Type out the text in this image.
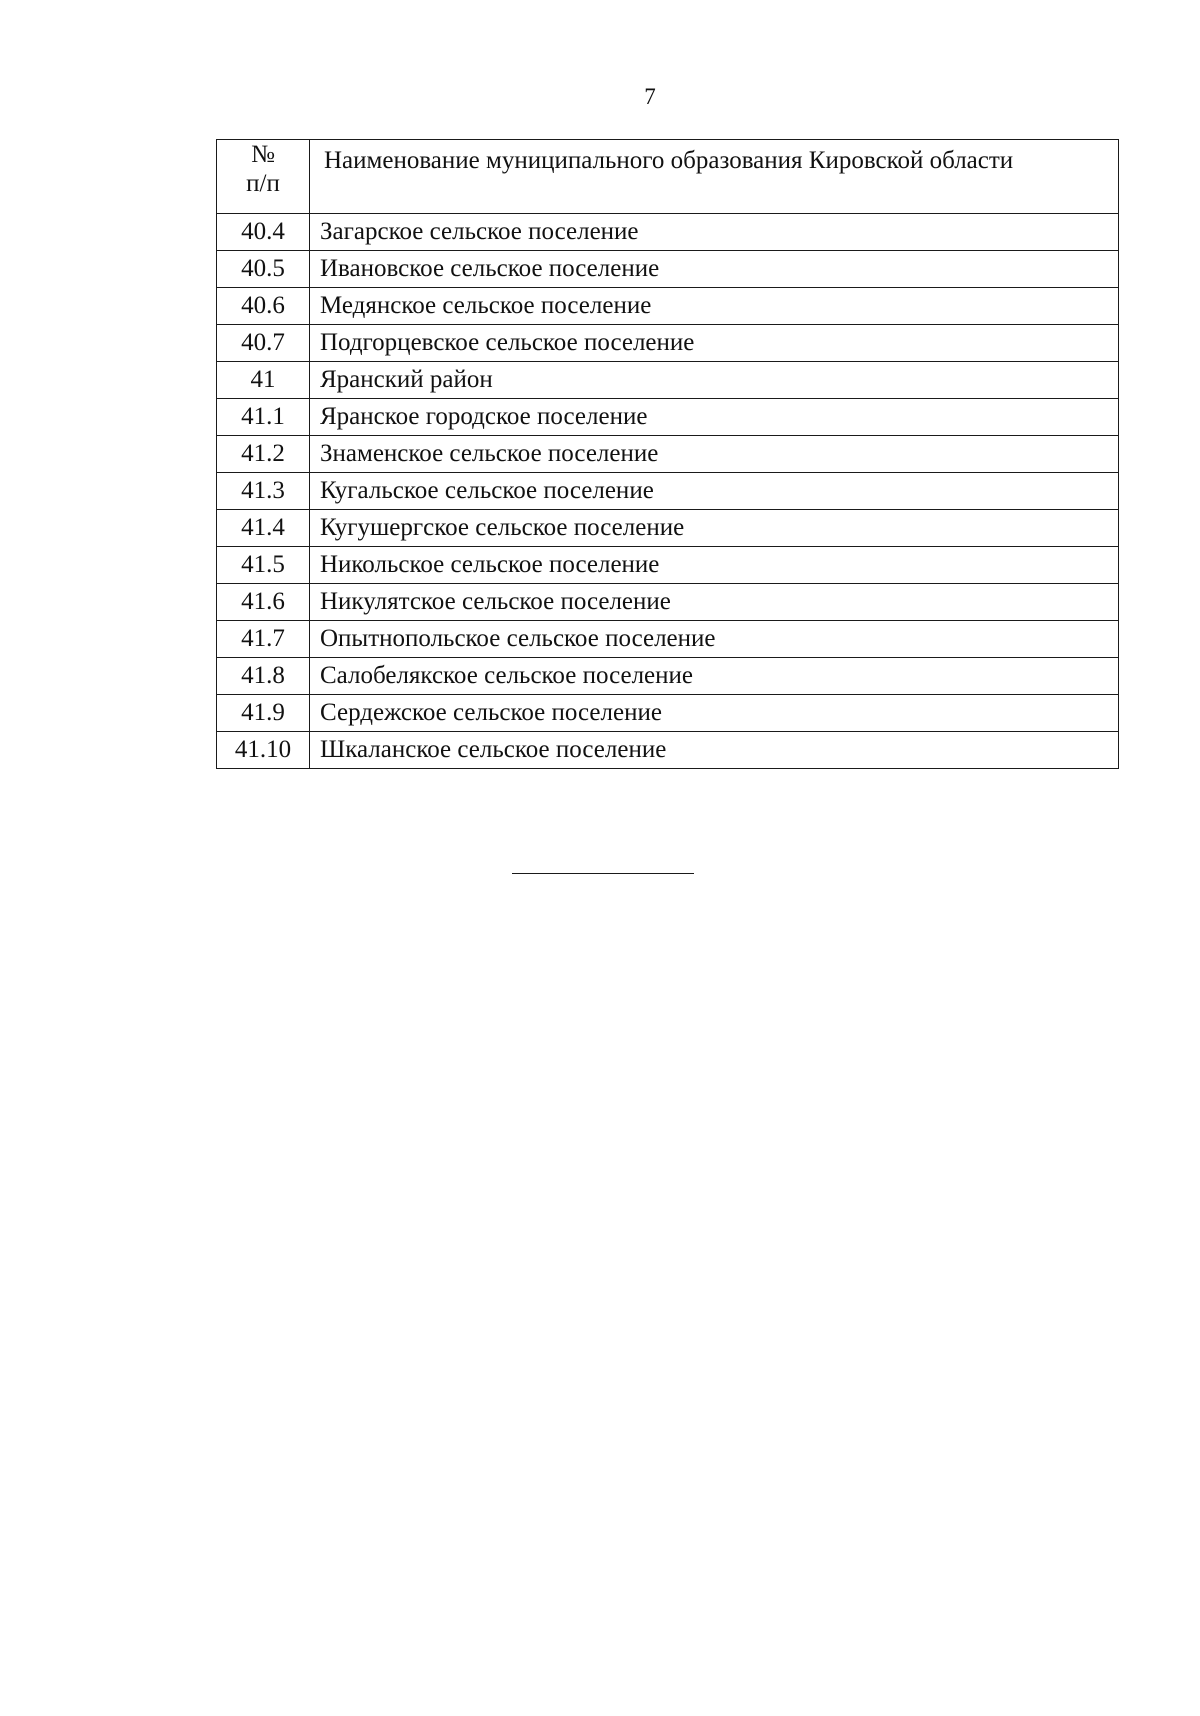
7
№
п/п	Наименование муниципального образования Кировской области
40.4	Загарское сельское поселение
40.5	Ивановское сельское поселение
40.6	Медянское сельское поселение
40.7	Подгорцевское сельское поселение
41	Яранский район
41.1	Яранское городское поселение
41.2	Знаменское сельское поселение
41.3	Кугальское сельское поселение
41.4	Кугушергское сельское поселение
41.5	Никольское сельское поселение
41.6	Никулятское сельское поселение
41.7	Опытнопольское сельское поселение
41.8	Салобелякское сельское поселение
41.9	Сердежское сельское поселение
41.10	Шкаланское сельское поселение
